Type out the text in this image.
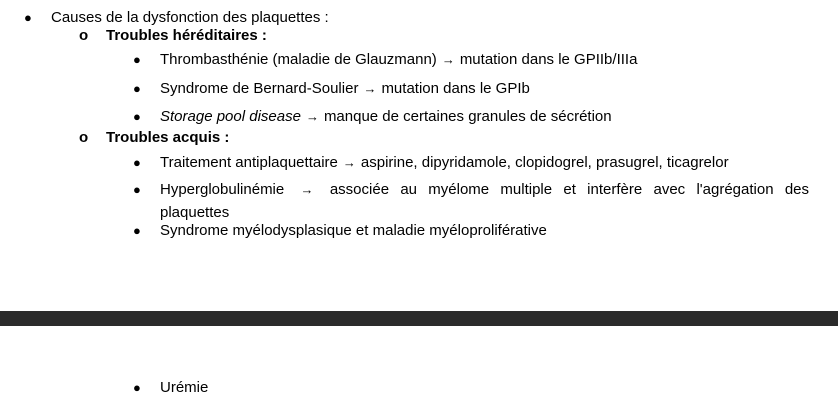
● Causes de la dysfonction des plaquettes :
o Troubles héréditaires :
● Thrombasthénie (maladie de Glauzmann) → mutation dans le GPIIb/IIIa
● Syndrome de Bernard-Soulier → mutation dans le GPIb
● Storage pool disease → manque de certaines granules de sécrétion
o Troubles acquis :
● Traitement antiplaquettaire → aspirine, dipyridamole, clopidogrel, prasugrel, ticagrelor
● Hyperglobulinémie → associée au myélome multiple et interfère avec l'agrégation des
plaquettes
● Syndrome myélodysplasique et maladie myéloproliférative
● Urémie
